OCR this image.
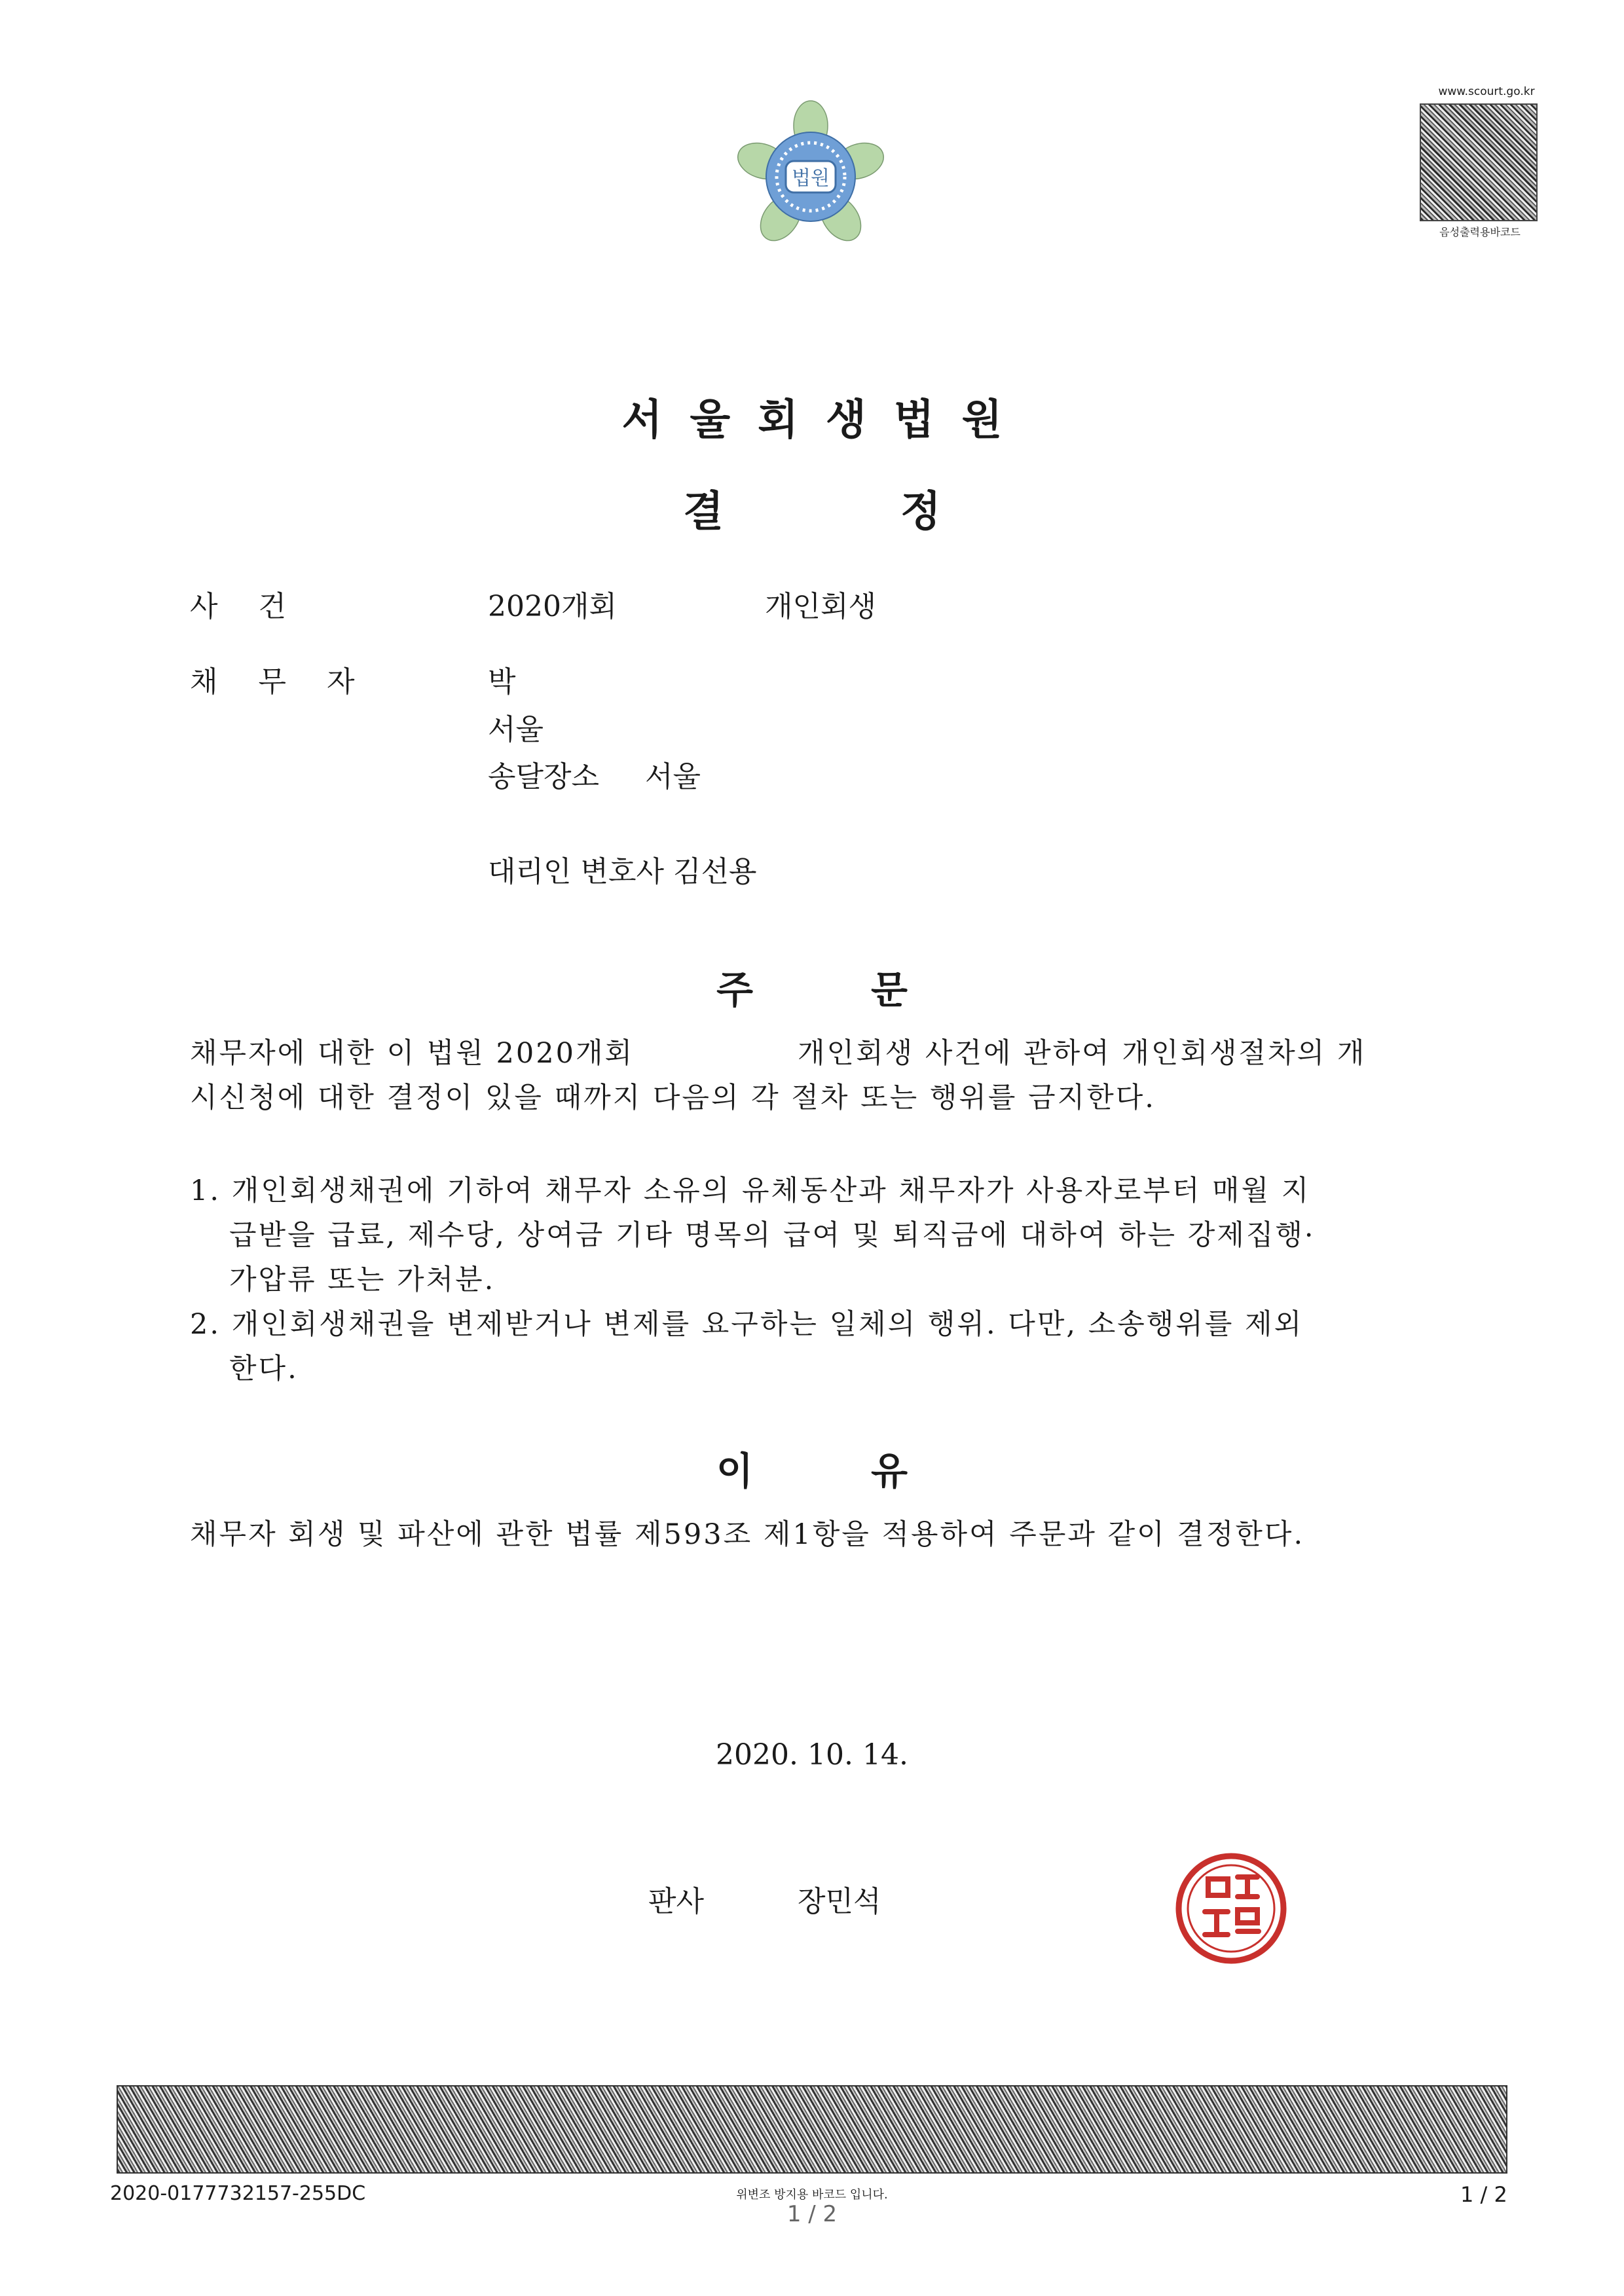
법원
www.scourt.go.kr
음성출력용바코드
서울회생법원
결정
사건	2020개회	개인회생
채무자	박
서울
송달장소 서울
대리인 변호사 김선용
주문
채무자에 대한 이 법원 2020개회	개인회생 사건에 관하여 개인회생절차의 개
시신청에 대한 결정이 있을 때까지 다음의 각 절차 또는 행위를 금지한다.
1. 개인회생채권에 기하여 채무자 소유의 유체동산과 채무자가 사용자로부터 매월 지
급받을 급료, 제수당, 상여금 기타 명목의 급여 및 퇴직금에 대하여 하는 강제집행·
가압류 또는 가처분.
2. 개인회생채권을 변제받거나 변제를 요구하는 일체의 행위. 다만, 소송행위를 제외
한다.
이유
채무자 회생 및 파산에 관한 법률 제593조 제1항을 적용하여 주문과 같이 결정한다.
2020. 10. 14.
판사	장민석
2020-0177732157-255DC	위변조 방지용 바코드 입니다.
1 / 2
1 / 2
